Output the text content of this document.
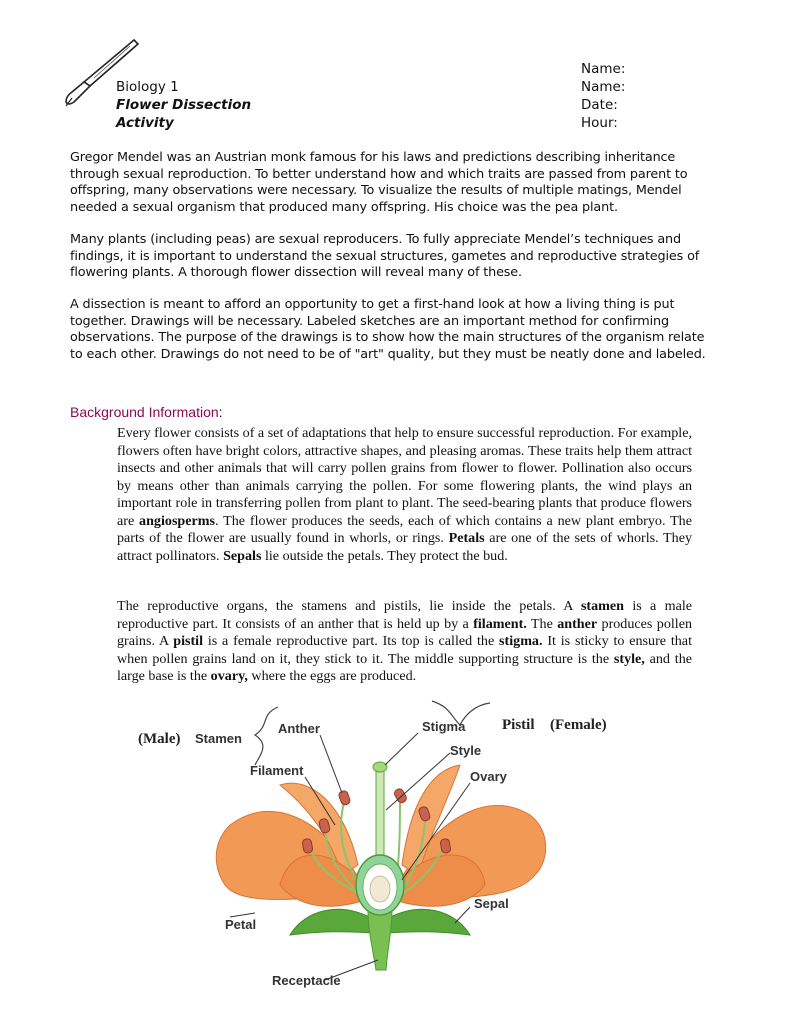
Biology 1
Flower Dissection
Activity
Name:
Name:
Date:
Hour:

Gregor Mendel was an Austrian monk famous for his laws and predictions describing inheritance through sexual reproduction. To better understand how and which traits are passed from parent to offspring, many observations were necessary. To visualize the results of multiple matings, Mendel needed a sexual organism that produced many offspring. His choice was the pea plant.

Many plants (including peas) are sexual reproducers. To fully appreciate Mendel’s techniques and findings, it is important to understand the sexual structures, gametes and reproductive strategies of flowering plants. A thorough flower dissection will reveal many of these.

A dissection is meant to afford an opportunity to get a first-hand look at how a living thing is put together. Drawings will be necessary. Labeled sketches are an important method for confirming observations. The purpose of the drawings is to show how the main structures of the organism relate to each other. Drawings do not need to be of "art" quality, but they must be neatly done and labeled.

Background Information:

Every flower consists of a set of adaptations that help to ensure successful reproduction. For example, flowers often have bright colors, attractive shapes, and pleasing aromas. These traits help them attract insects and other animals that will carry pollen grains from flower to flower. Pollination also occurs by means other than animals carrying the pollen. For some flowering plants, the wind plays an important role in transferring pollen from plant to plant. The seed-bearing plants that produce flowers are angiosperms. The flower produces the seeds, each of which contains a new plant embryo. The parts of the flower are usually found in whorls, or rings. Petals are one of the sets of whorls. They attract pollinators. Sepals lie outside the petals. They protect the bud.

The reproductive organs, the stamens and pistils, lie inside the petals. A stamen is a male reproductive part. It consists of an anther that is held up by a filament. The anther produces pollen grains. A pistil is a female reproductive part. Its top is called the stigma. It is sticky to ensure that when pollen grains land on it, they stick to it. The middle supporting structure is the style, and the large base is the ovary, where the eggs are produced.

(Male) Stamen
Anther
Filament
Stigma
Style
Ovary
Pistil (Female)
Petal
Sepal
Receptacle
